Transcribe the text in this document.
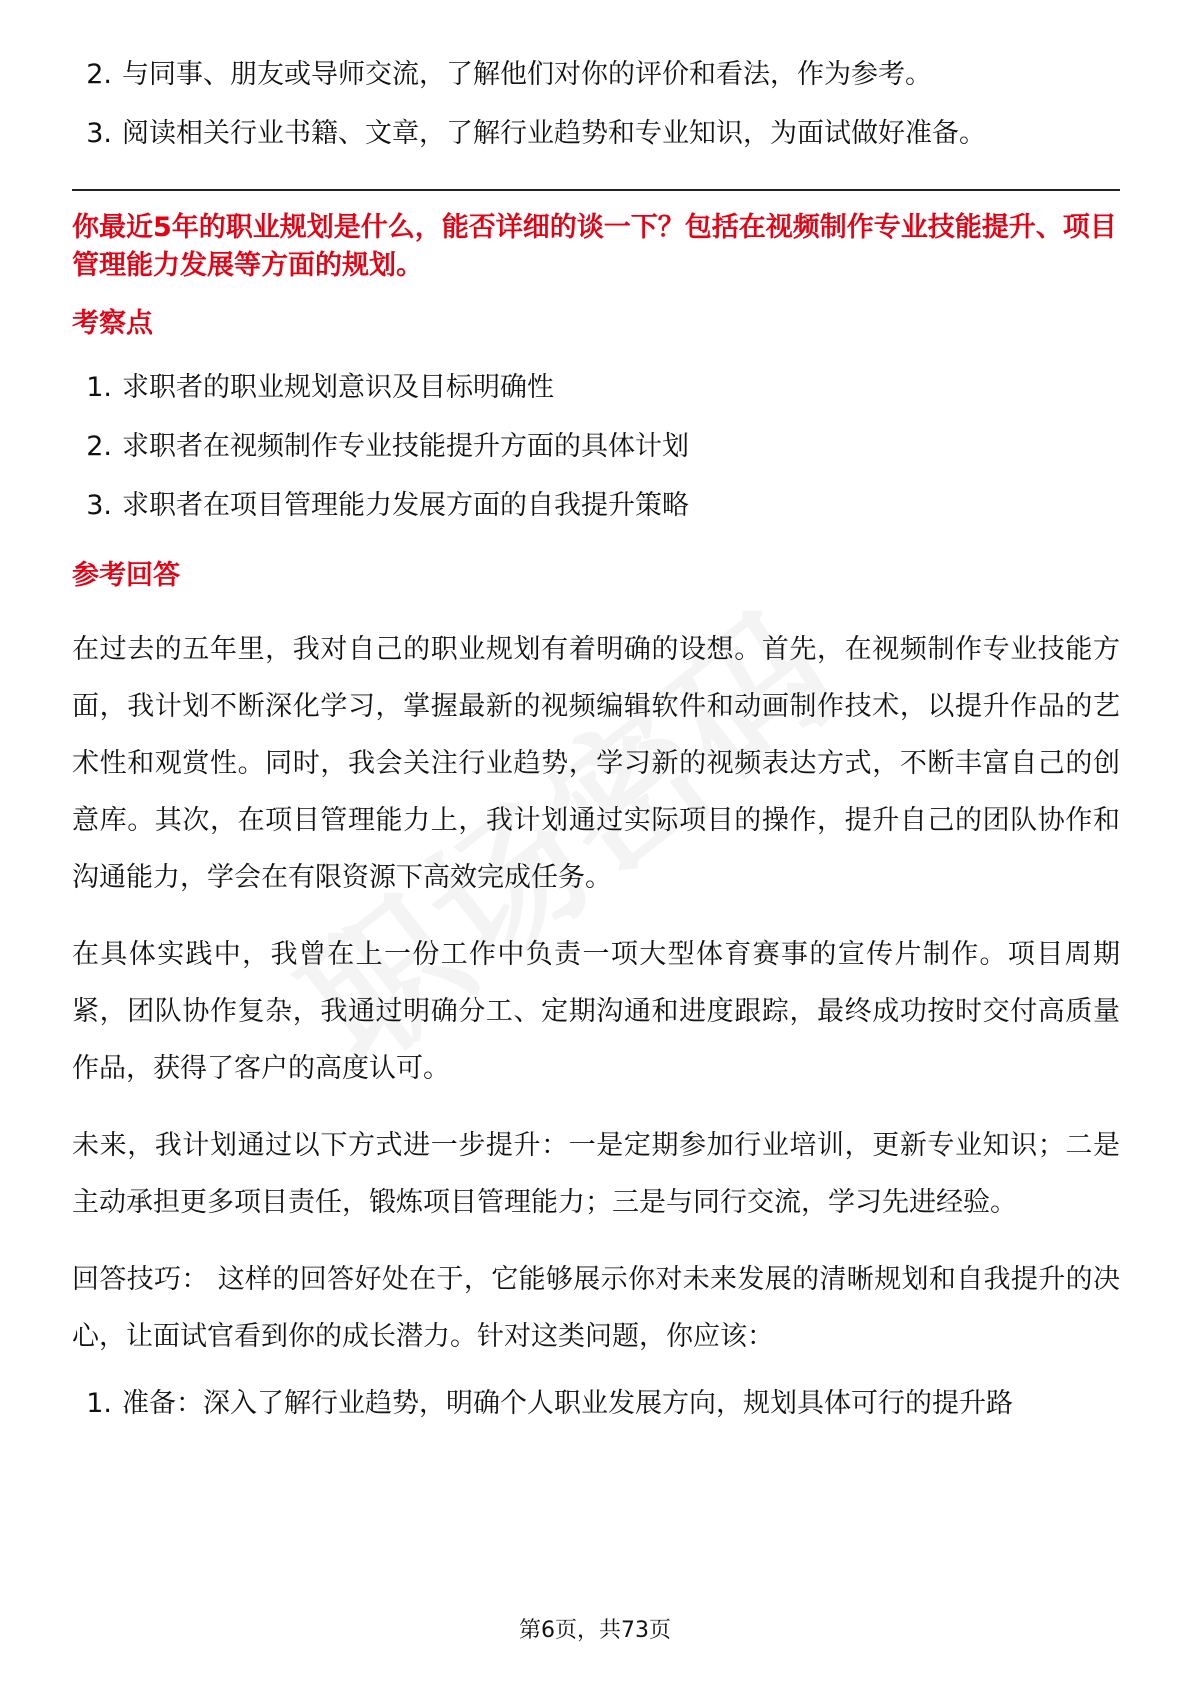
2. 与同事、朋友或导师交流，了解他们对你的评价和看法，作为参考。
3. 阅读相关行业书籍、文章，了解行业趋势和专业知识，为面试做好准备。
你最近5年的职业规划是什么，能否详细的谈一下？包括在视频制作专业技能提升、项目管理能力发展等方面的规划。
考察点
1. 求职者的职业规划意识及目标明确性
2. 求职者在视频制作专业技能提升方面的具体计划
3. 求职者在项目管理能力发展方面的自我提升策略
参考回答

在过去的五年里，我对自己的职业规划有着明确的设想。首先，在视频制作专业技能方面，我计划不断深化学习，掌握最新的视频编辑软件和动画制作技术，以提升作品的艺术性和观赏性。同时，我会关注行业趋势，学习新的视频表达方式，不断丰富自己的创意库。其次，在项目管理能力上，我计划通过实际项目的操作，提升自己的团队协作和沟通能力，学会在有限资源下高效完成任务。

在具体实践中，我曾在上一份工作中负责一项大型体育赛事的宣传片制作。项目周期紧，团队协作复杂，我通过明确分工、定期沟通和进度跟踪，最终成功按时交付高质量作品，获得了客户的高度认可。

未来，我计划通过以下方式进一步提升：一是定期参加行业培训，更新专业知识；二是主动承担更多项目责任，锻炼项目管理能力；三是与同行交流，学习先进经验。

回答技巧： 这样的回答好处在于，它能够展示你对未来发展的清晰规划和自我提升的决心，让面试官看到你的成长潜力。针对这类问题，你应该：

1. 准备：深入了解行业趋势，明确个人职业发展方向，规划具体可行的提升路
第6页，共73页
